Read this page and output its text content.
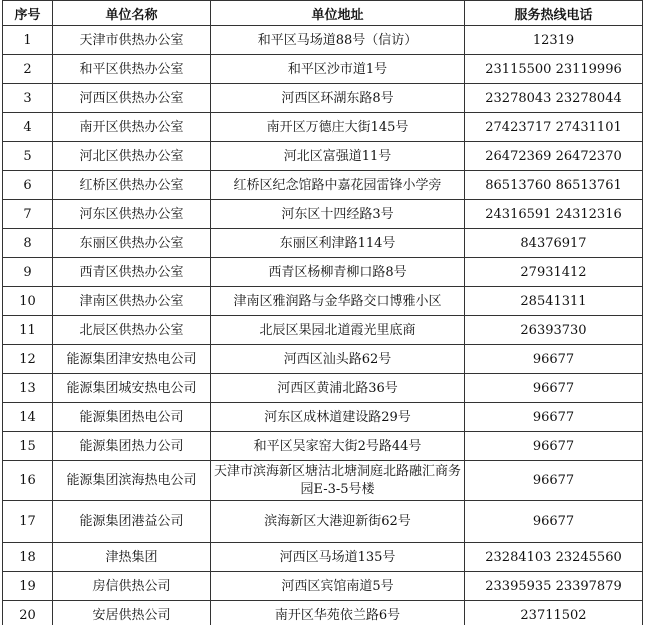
序号	单位名称	单位地址	服务热线电话
1	天津市供热办公室	和平区马场道88号（信访）	12319
2	和平区供热办公室	和平区沙市道1号	23115500 23119996
3	河西区供热办公室	河西区环湖东路8号	23278043 23278044
4	南开区供热办公室	南开区万德庄大街145号	27423717 27431101
5	河北区供热办公室	河北区富强道11号	26472369 26472370
6	红桥区供热办公室	红桥区纪念馆路中嘉花园雷锋小学旁	86513760 86513761
7	河东区供热办公室	河东区十四经路3号	24316591 24312316
8	东丽区供热办公室	东丽区利津路114号	84376917
9	西青区供热办公室	西青区杨柳青柳口路8号	27931412
10	津南区供热办公室	津南区雅润路与金华路交口博雅小区	28541311
11	北辰区供热办公室	北辰区果园北道霞光里底商	26393730
12	能源集团津安热电公司	河西区汕头路62号	96677
13	能源集团城安热电公司	河西区黄浦北路36号	96677
14	能源集团热电公司	河东区成林道建设路29号	96677
15	能源集团热力公司	和平区吴家窑大街2号路44号	96677
16	能源集团滨海热电公司	天津市滨海新区塘沽北塘洞庭北路融汇商务园E-3-5号楼	96677
17	能源集团港益公司	滨海新区大港迎新街62号	96677
18	津热集团	河西区马场道135号	23284103 23245560
19	房信供热公司	河西区宾馆南道5号	23395935 23397879
20	安居供热公司	南开区华苑依兰路6号	23711502
